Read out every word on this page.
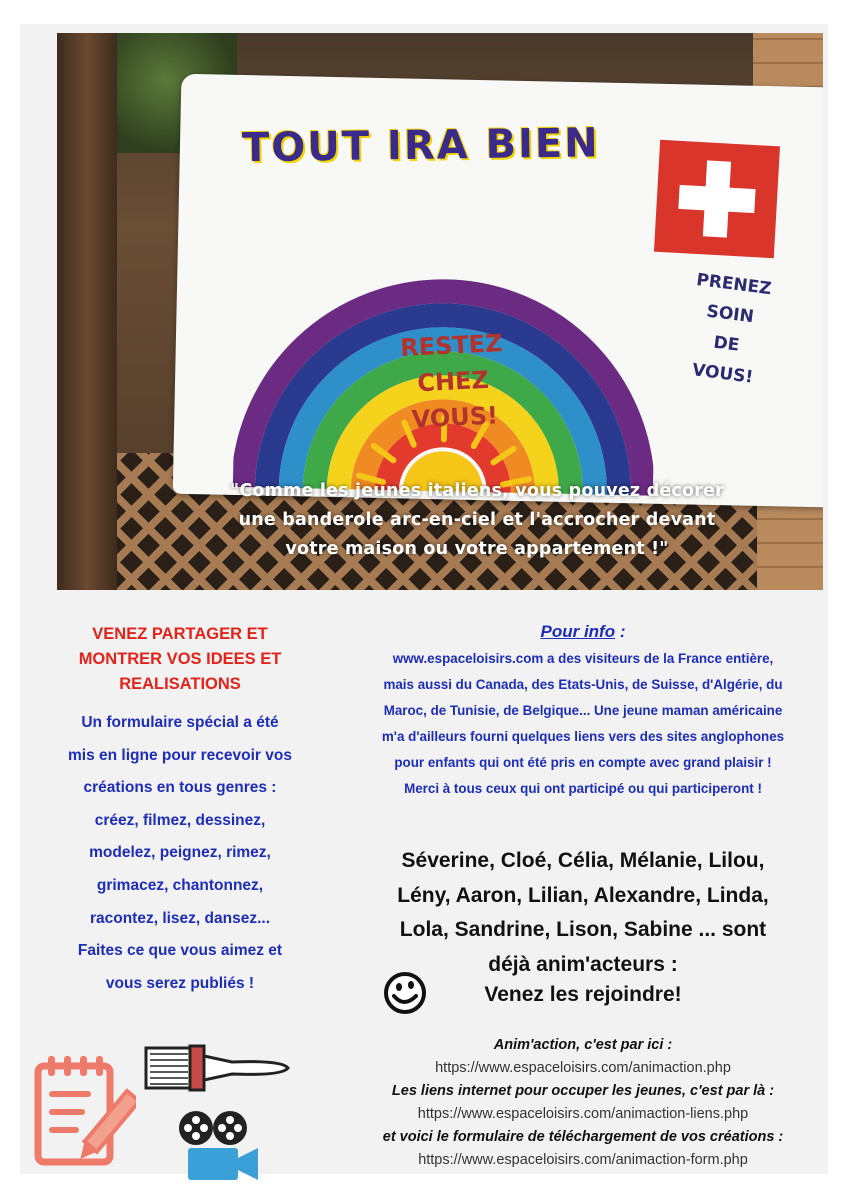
TOUT IRA BIEN
RESTEZ
CHEZ
VOUS!
PRENEZ
SOIN
DE
VOUS!
"Comme les jeunes italiens, vous pouvez décorer
une banderole arc-en-ciel et l'accrocher devant
votre maison ou votre appartement !"
VENEZ PARTAGER ET
MONTRER VOS IDEES ET
REALISATIONS
Un formulaire spécial a été
mis en ligne pour recevoir vos
créations en tous genres :
créez, filmez, dessinez,
modelez, peignez, rimez,
grimacez, chantonnez,
racontez, lisez, dansez...
Faites ce que vous aimez et
vous serez publiés !
Pour info :
www.espaceloisirs.com a des visiteurs de la France entière,
mais aussi du Canada, des Etats-Unis, de Suisse, d'Algérie, du
Maroc, de Tunisie, de Belgique... Une jeune maman américaine
m'a d'ailleurs fourni quelques liens vers des sites anglophones
pour enfants qui ont été pris en compte avec grand plaisir !
Merci à tous ceux qui ont participé ou qui participeront !
Séverine, Cloé, Célia, Mélanie, Lilou,
Lény, Aaron, Lilian, Alexandre, Linda,
Lola, Sandrine, Lison, Sabine ... sont
déjà anim'acteurs :
Venez les rejoindre!
Anim'action, c'est par ici :
https://www.espaceloisirs.com/animaction.php
Les liens internet pour occuper les jeunes, c'est par là :
https://www.espaceloisirs.com/animaction-liens.php
et voici le formulaire de téléchargement de vos créations :
https://www.espaceloisirs.com/animaction-form.php
